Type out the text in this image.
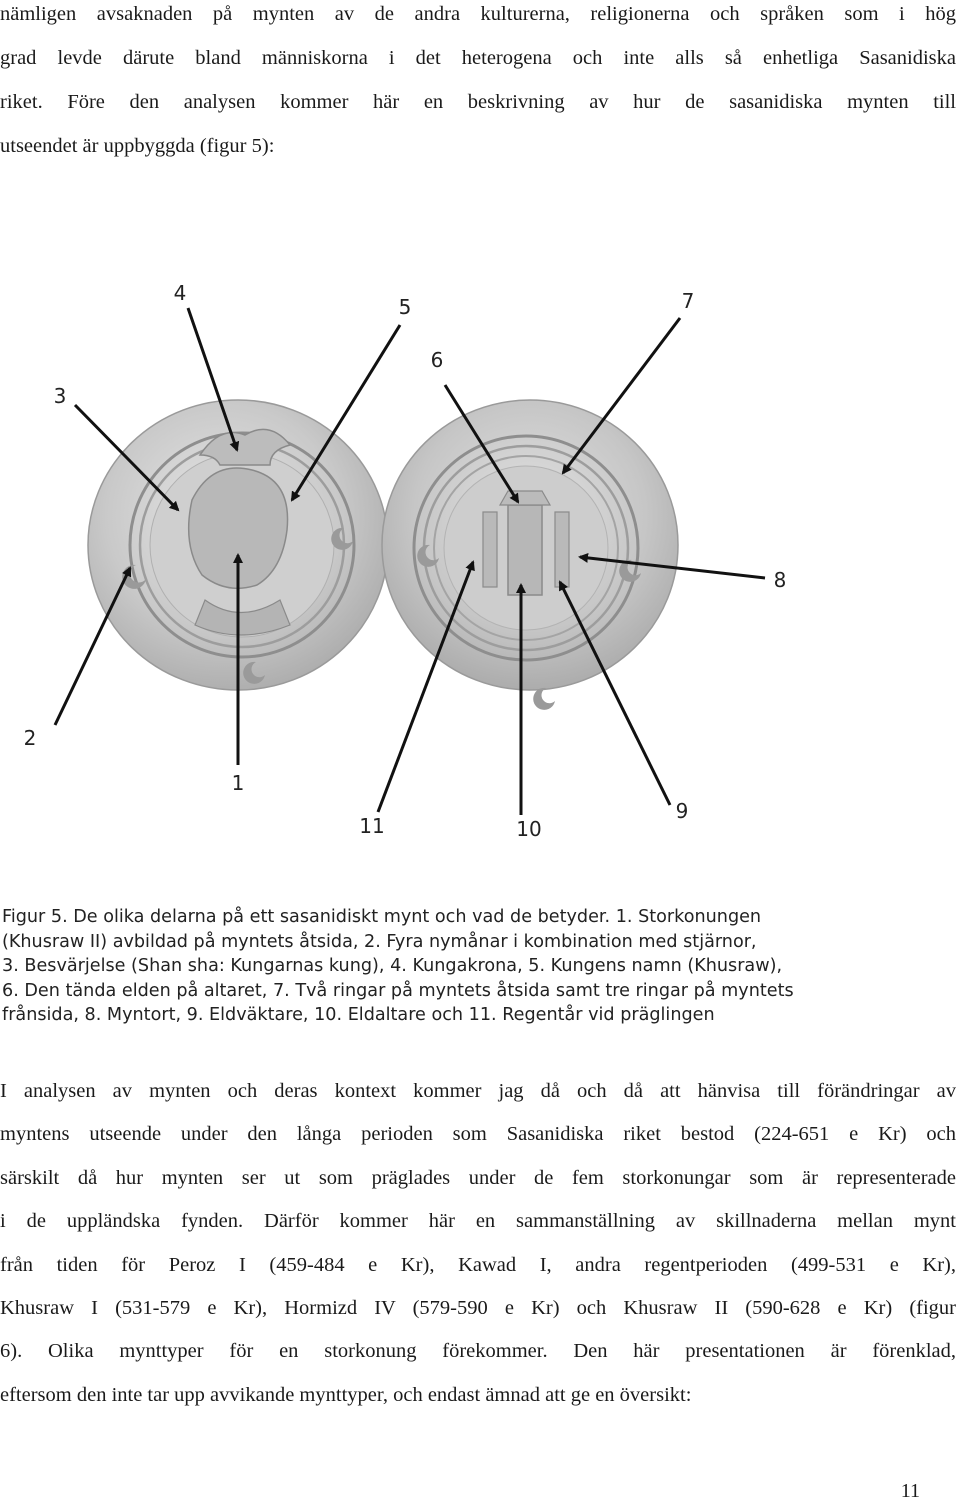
nämligen avsaknaden på mynten av de andra kulturerna, religionerna och språken som i hög
grad levde därute bland människorna i det heterogena och inte alls så enhetliga Sasanidiska
riket. Före den analysen kommer här en beskrivning av hur de sasanidiska mynten till
utseendet är uppbyggda (figur 5):
1
2
3
4
5
6
7
8
9
10
11
Figur 5. De olika delarna på ett sasanidiskt mynt och vad de betyder. 1. Storkonungen
(Khusraw II) avbildad på myntets åtsida, 2. Fyra nymånar i kombination med stjärnor,
3. Besvärjelse (Shan sha: Kungarnas kung), 4. Kungakrona, 5. Kungens namn (Khusraw),
6. Den tända elden på altaret, 7. Två ringar på myntets åtsida samt tre ringar på myntets
frånsida, 8. Myntort, 9. Eldväktare, 10. Eldaltare och 11. Regentår vid präglingen
I analysen av mynten och deras kontext kommer jag då och då att hänvisa till förändringar av
myntens utseende under den långa perioden som Sasanidiska riket bestod (224-651 e Kr) och
särskilt då hur mynten ser ut som präglades under de fem storkonungar som är representerade
i de uppländska fynden. Därför kommer här en sammanställning av skillnaderna mellan mynt
från tiden för Peroz I (459-484 e Kr), Kawad I, andra regentperioden (499-531 e Kr),
Khusraw I (531-579 e Kr), Hormizd IV (579-590 e Kr) och Khusraw II (590-628 e Kr) (figur
6). Olika mynttyper för en storkonung förekommer. Den här presentationen är förenklad,
eftersom den inte tar upp avvikande mynttyper, och endast ämnad att ge en översikt:
11
